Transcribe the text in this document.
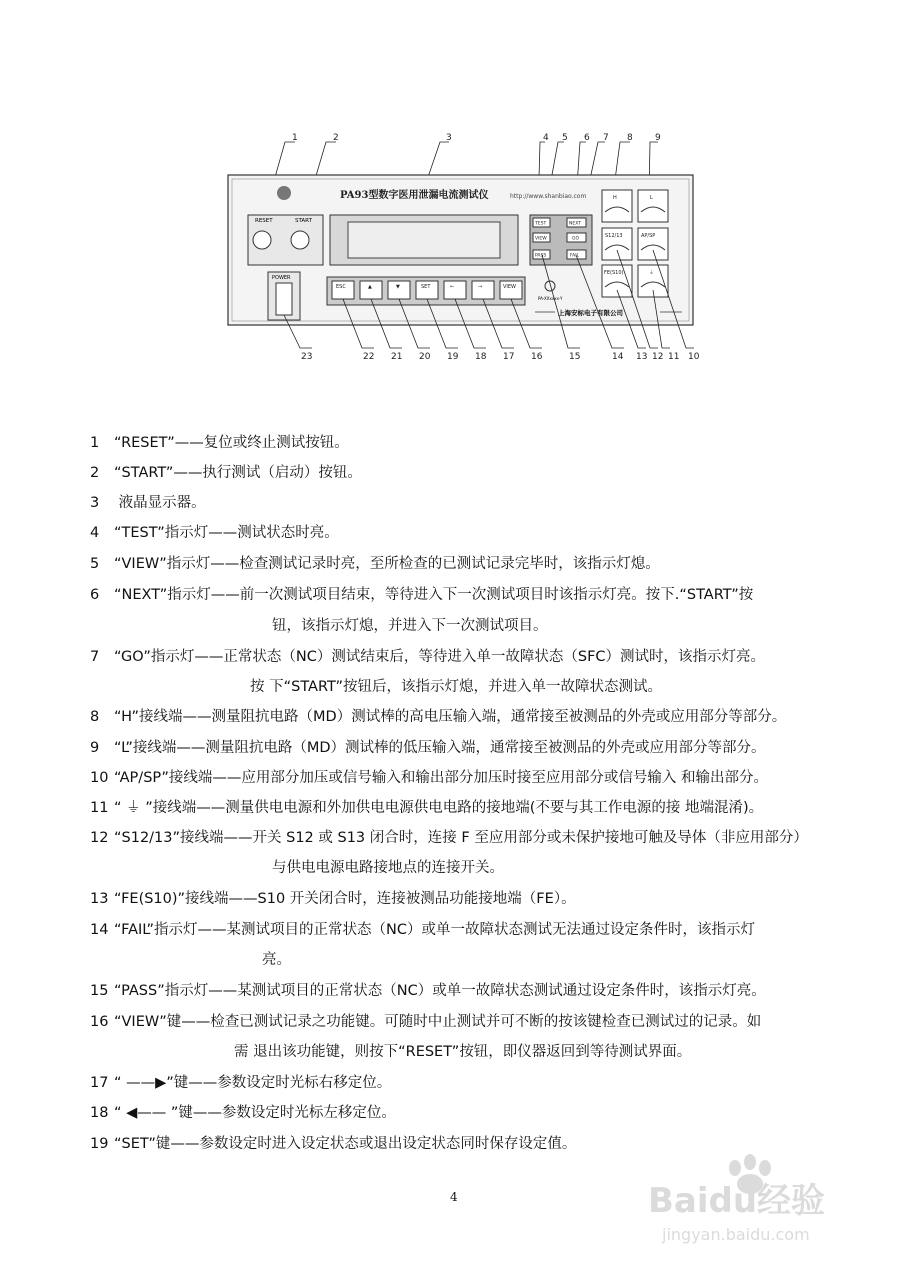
1	2	3	4 5 6 7 8 9
PA93型数字医用泄漏电流测试仪	http://www.shanbiao.com
RESET	START	TEST
VIEW
PASS
NEXT
GO
FAIL
PA-XXxxxx-Y
H	L
S12/13	AP/SP
FE(S10)	⏚
POWER
ESC	▲	▼	SET	←	→	VIEW
上海安标电子有限公司
23	22 21 20 19 18 17 16	15	14 13 12 11 10
1 “RESET”——复位或终止测试按钮。
2 “START”——执行测试（启动）按钮。
3 液晶显示器。
4 “TEST”指示灯——测试状态时亮。
5 “VIEW”指示灯——检查测试记录时亮，至所检查的已测试记录完毕时，该指示灯熄。
6 “NEXT”指示灯——前一次测试项目结束，等待进入下一次测试项目时该指示灯亮。按下.“START”按
钮，该指示灯熄，并进入下一次测试项目。
7 “GO”指示灯——正常状态（NC）测试结束后，等待进入单一故障状态（SFC）测试时，该指示灯亮。
按 下“START”按钮后，该指示灯熄，并进入单一故障状态测试。
8 “H”接线端——测量阻抗电路（MD）测试棒的高电压输入端，通常接至被测品的外壳或应用部分等部分。
9 “L”接线端——测量阻抗电路（MD）测试棒的低压输入端，通常接至被测品的外壳或应用部分等部分。
10 “AP/SP”接线端——应用部分加压或信号输入和输出部分加压时接至应用部分或信号输入 和输出部分。
11 “ ⏚ ”接线端——测量供电电源和外加供电电源供电电路的接地端(不要与其工作电源的接 地端混淆)。
12 “S12/13”接线端——开关 S12 或 S13 闭合时，连接 F 至应用部分或未保护接地可触及导体（非应用部分）
与供电电源电路接地点的连接开关。
13 “FE(S10)”接线端——S10 开关闭合时，连接被测品功能接地端（FE）。
14 “FAIL”指示灯——某测试项目的正常状态（NC）或单一故障状态测试无法通过设定条件时，该指示灯
亮。
15 “PASS”指示灯——某测试项目的正常状态（NC）或单一故障状态测试通过设定条件时，该指示灯亮。
16 “VIEW”键——检查已测试记录之功能键。可随时中止测试并可不断的按该键检查已测试过的记录。如
需 退出该功能键，则按下“RESET”按钮，即仪器返回到等待测试界面。
17 “ ——▶”键——参数设定时光标右移定位。
18 “ ◀—— ”键——参数设定时光标左移定位。
19 “SET”键——参数设定时进入设定状态或退出设定状态同时保存设定值。
4	Baidu经验
jingyan.baidu.com
